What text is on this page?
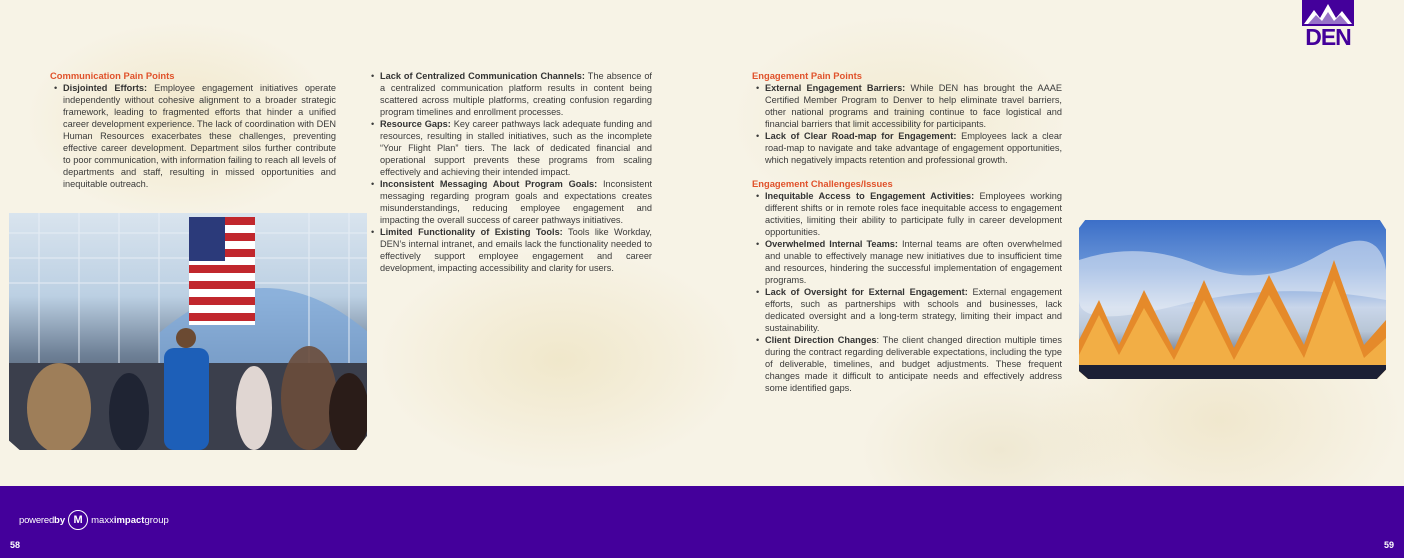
DEN
Communication Pain Points
• Disjointed Efforts: Employee engagement initiatives operate independently without cohesive alignment to a broader strategic framework, leading to fragmented efforts that hinder a unified career development experience. The lack of coordination with DEN Human Resources exacerbates these challenges, preventing effective career development. Department silos further contribute to poor communication, with information failing to reach all levels of departments and staff, resulting in missed opportunities and inequitable outreach.
• Lack of Centralized Communication Channels: The absence of a centralized communication platform results in content being scattered across multiple platforms, creating confusion regarding program timelines and enrollment processes.
• Resource Gaps: Key career pathways lack adequate funding and resources, resulting in stalled initiatives, such as the incomplete “Your Flight Plan” tiers. The lack of dedicated financial and operational support prevents these programs from scaling effectively and achieving their intended impact.
• Inconsistent Messaging About Program Goals: Inconsistent messaging regarding program goals and expectations creates misunderstandings, reducing employee engagement and impacting the overall success of career pathways initiatives.
• Limited Functionality of Existing Tools: Tools like Workday, DEN’s internal intranet, and emails lack the functionality needed to effectively support employee engagement and career development, impacting accessibility and clarity for users.
Engagement Pain Points
• External Engagement Barriers: While DEN has brought the AAAE Certified Member Program to Denver to help eliminate travel barriers, other national programs and training continue to face logistical and financial barriers that limit accessibility for participants.
• Lack of Clear Road-map for Engagement: Employees lack a clear road-map to navigate and take advantage of engagement opportunities, which negatively impacts retention and professional growth.
Engagement Challenges/Issues
• Inequitable Access to Engagement Activities: Employees working different shifts or in remote roles face inequitable access to engagement activities, limiting their ability to participate fully in career development opportunities.
• Overwhelmed Internal Teams: Internal teams are often overwhelmed and unable to effectively manage new initiatives due to insufficient time and resources, hindering the successful implementation of engagement programs.
• Lack of Oversight for External Engagement: External engagement efforts, such as partnerships with schools and businesses, lack dedicated oversight and a long-term strategy, limiting their impact and sustainability.
• Client Direction Changes: The client changed direction multiple times during the contract regarding deliverable expectations, including the type of deliverable, timelines, and budget adjustments. These frequent changes made it difficult to anticipate needs and effectively address some identified gaps.
powered by M maxximpactgroup
58	59
